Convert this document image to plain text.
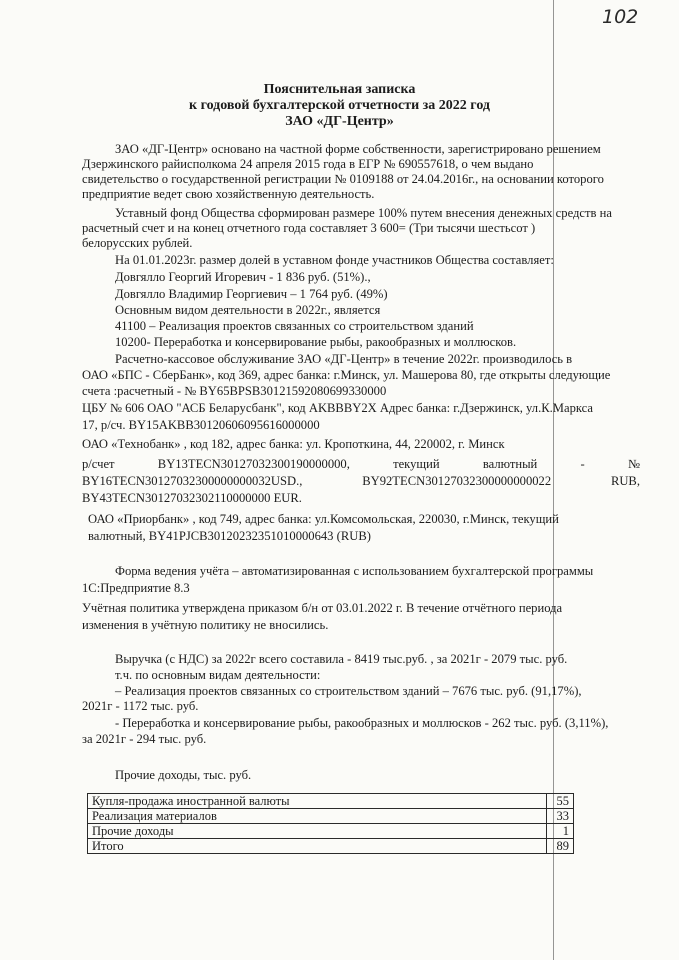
102
Пояснительная записка
к годовой бухгалтерской отчетности за 2022 год
ЗАО «ДГ-Центр»
ЗАО «ДГ-Центр» основано на частной форме собственности, зарегистрировано решением
Дзержинского райисполкома 24 апреля 2015 года в ЕГР № 690557618, о чем выдано
свидетельство о государственной регистрации № 0109188 от 24.04.2016г., на основании которого
предприятие ведет свою хозяйственную деятельность.
Уставный фонд Общества сформирован размере 100% путем внесения денежных средств на
расчетный счет и на конец отчетного года составляет 3 600= (Три тысячи шестьсот )
белорусских рублей.
На 01.01.2023г. размер долей в уставном фонде участников Общества составляет:
Довгялло Георгий Игоревич - 1 836 руб. (51%).,
Довгялло Владимир Георгиевич – 1 764 руб. (49%)
Основным видом деятельности в 2022г., является
41100 – Реализация проектов связанных со строительством зданий
10200- Переработка и консервирование рыбы, ракообразных и моллюсков.
Расчетно-кассовое обслуживание ЗАО «ДГ-Центр» в течение 2022г. производилось в
ОАО «БПС - СберБанк», код 369, адрес банка: г.Минск, ул. Машерова 80, где открыты следующие
счета :расчетный - № BY65BPSB30121592080699330000
ЦБУ № 606 ОАО "АСБ Беларусбанк", код AKBBBY2X Адрес банка: г.Дзержинск, ул.К.Маркса
17, р/сч. BY15AKBB30120606095616000000
ОАО «Технобанк» , код 182, адрес банка: ул. Кропоткина, 44, 220002, г. Минск
р/счет	BY13TECN30127032300190000000,	текущий	валютный	-	№
BY16TECN30127032300000000032USD.,	BY92TECN30127032300000000022	RUB,
BY43TECN30127032302110000000 EUR.
ОАО «Приорбанк» , код 749, адрес банка: ул.Комсомольская, 220030, г.Минск, текущий
валютный, BY41PJCB30120232351010000643 (RUB)
Форма ведения учёта – автоматизированная с использованием бухгалтерской программы
1С:Предприятие 8.3
Учётная политика утверждена приказом б/н от 03.01.2022 г. В течение отчётного периода
изменения в учётную политику не вносились.
Выручка (с НДС) за 2022г всего составила - 8419 тыс.руб. , за 2021г - 2079 тыс. руб.
т.ч. по основным видам деятельности:
– Реализация проектов связанных со строительством зданий – 7676 тыс. руб. (91,17%),
2021г - 1172 тыс. руб.
- Переработка и консервирование рыбы, ракообразных и моллюсков - 262 тыс. руб. (3,11%),
за 2021г - 294 тыс. руб.
Прочие доходы, тыс. руб.
Купля-продажа иностранной валюты	55
Реализация материалов	33
Прочие доходы	1
Итого	89
